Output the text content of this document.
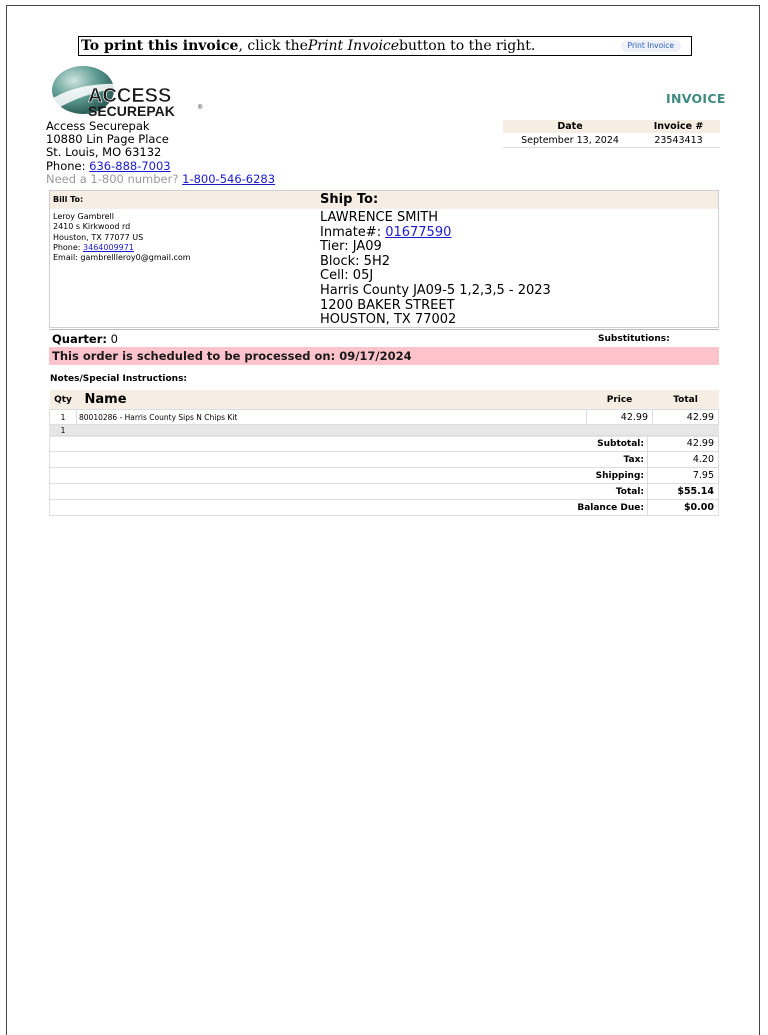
To print this invoice , click the Print Invoice button to the right.	Print Invoice
ACCESS
SECUREPAK	®
INVOICE
Access Securepak
10880 Lin Page Place
St. Louis, MO 63132
Phone: 636-888-7003
Need a 1-800 number? 1-800-546-6283
Date	Invoice #
September 13, 2024	23543413
Bill To:	Ship To:
Leroy Gambrell
2410 s Kirkwood rd
Houston, TX 77077 US
Phone: 3464009971
Email: gambrellleroy0@gmail.com
LAWRENCE SMITH
Inmate#: 01677590
Tier: JA09
Block: 5H2
Cell: 05J
Harris County JA09-5 1,2,3,5 - 2023
1200 BAKER STREET
HOUSTON, TX 77002
Quarter: 0	Substitutions:
This order is scheduled to be processed on: 09/17/2024
Notes/Special Instructions:
Qty	Name	Price	Total
1	80010286 - Harris County Sips N Chips Kit	42.99	42.99
1			
Subtotal:	42.99
Tax:	4.20
Shipping:	7.95
Total:	$55.14
Balance Due:	$0.00
